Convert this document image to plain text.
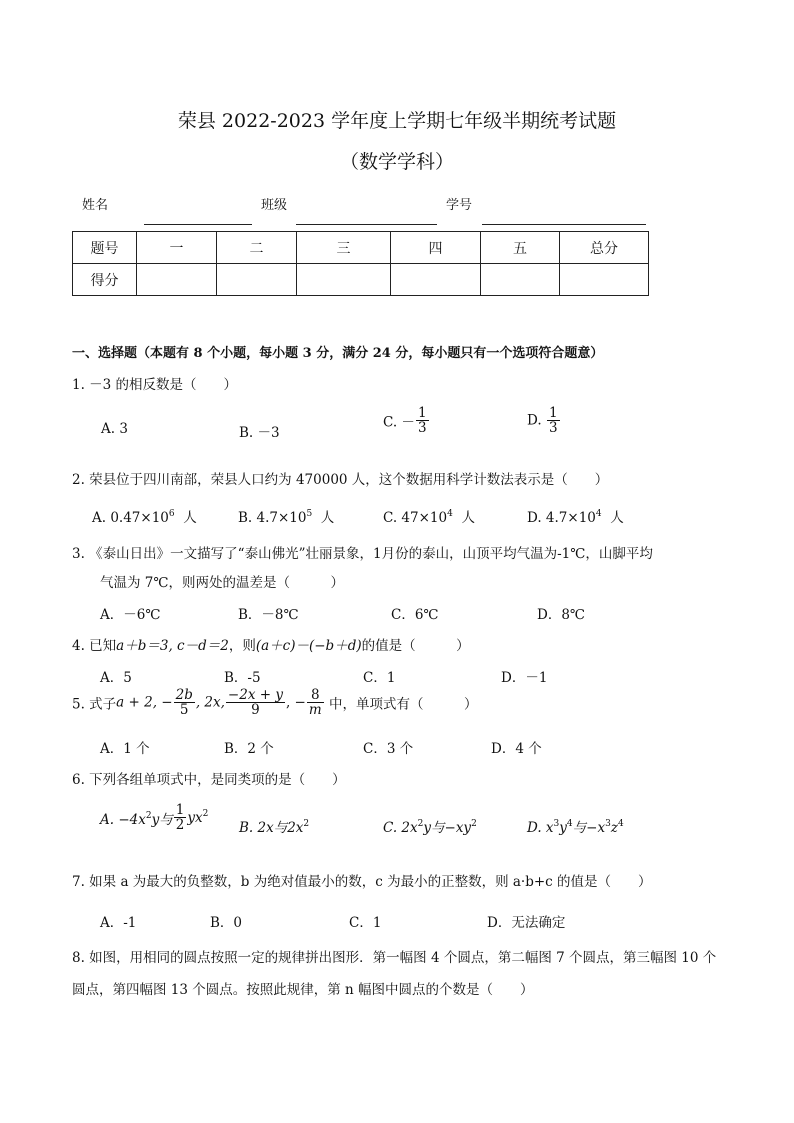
荣县 2022-2023 学年度上学期七年级半期统考试题
（数学学科）
姓名	班级	学号
题号	一	二	三	四	五	总分
得分						
一、选择题（本题有 8 个小题，每小题 3 分，满分 24 分，每小题只有一个选项符合题意）
1. －3 的相反数是（　　）
A. 3	B. －3
C. － $\frac{1}{3}$	D. $\frac{1}{3}$
2. 荣县位于四川南部，荣县人口约为 470000 人，这个数据用科学计数法表示是（　　）
A. $0.47\times 10^6$ 人	B. $4.7\times 10^5$ 人	C. $47\times 10^4$ 人	D. $4.7\times 10^4$ 人
3. 《泰山日出》一文描写了“泰山佛光”壮丽景象，1月份的泰山，山顶平均气温为-1℃，山脚平均
气温为 7℃，则两处的温差是（　　　）
A．－6℃	B．－8℃	C．6℃	D．8℃
4. 已知a＋b＝3, c－d＝2，则(a＋c)－(−b＋d)的值是（　　　）
A．5	B．-5	C．1	D．－1
5. 式子a + 2, − $\frac{2b}{5}$ , 2x, $\frac{-2x + y}{9}$ , − $\frac{8}{m}$ 中，单项式有（　　　）
A．1 个	B．2 个	C．3 个	D．4 个
6. 下列各组单项式中，是同类项的是（　　）
A. $-4x^2y$与 $\frac{1}{2} yx^2$
B. 2x与$2x^2$	C. $2x^2y$与$-xy^2$	D. $x^3y^4$与$-x^3z^4$
7. 如果 a 为最大的负整数，b 为绝对值最小的数，c 为最小的正整数，则 a·b+c 的值是（　　）
A．-1	B．0	C．1	D．无法确定
8. 如图，用相同的圆点按照一定的规律拼出图形．第一幅图 4 个圆点，第二幅图 7 个圆点，第三幅图 10 个
圆点，第四幅图 13 个圆点。按照此规律，第 n 幅图中圆点的个数是（　　）
